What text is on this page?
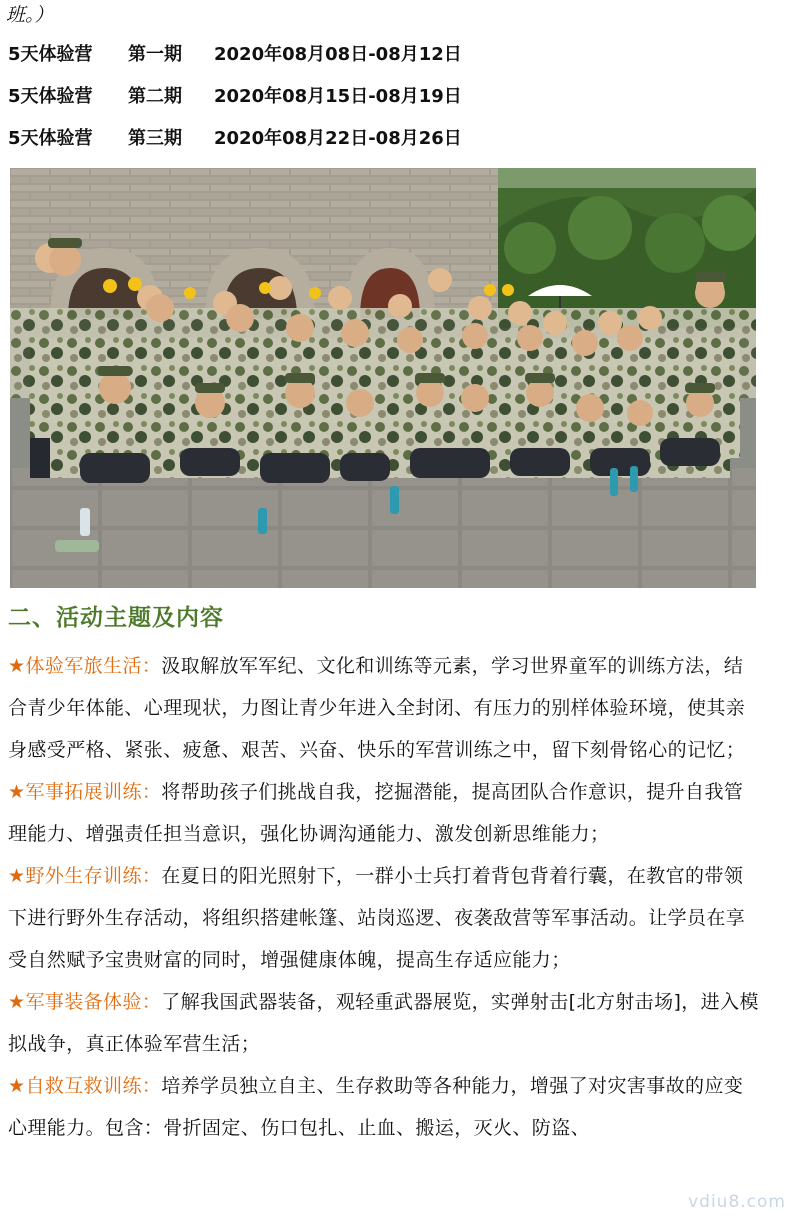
班。）
5天体验营 第一期 2020年08月08日-08月12日
5天体验营 第二期 2020年08月15日-08月19日
5天体验营 第三期 2020年08月22日-08月26日
二、活动主题及内容

★体验军旅生活：汲取解放军军纪、文化和训练等元素，学习世界童军的训练方法，结合青少年体能、心理现状，力图让青少年进入全封闭、有压力的别样体验环境，使其亲身感受严格、紧张、疲惫、艰苦、兴奋、快乐的军营训练之中，留下刻骨铭心的记忆；

★军事拓展训练：将帮助孩子们挑战自我，挖掘潜能，提高团队合作意识，提升自我管理能力、增强责任担当意识，强化协调沟通能力、激发创新思维能力；

★野外生存训练：在夏日的阳光照射下，一群小士兵打着背包背着行囊，在教官的带领下进行野外生存活动，将组织搭建帐篷、站岗巡逻、夜袭敌营等军事活动。让学员在享受自然赋予宝贵财富的同时，增强健康体魄，提高生存适应能力；

★军事装备体验：了解我国武器装备，观轻重武器展览，实弹射击[北方射击场]，进入模拟战争，真正体验军营生活；

★自救互救训练：培养学员独立自主、生存救助等各种能力，增强了对灾害事故的应变心理能力。包含：骨折固定、伤口包扎、止血、搬运，灭火、防盗、

vdiu8.com
